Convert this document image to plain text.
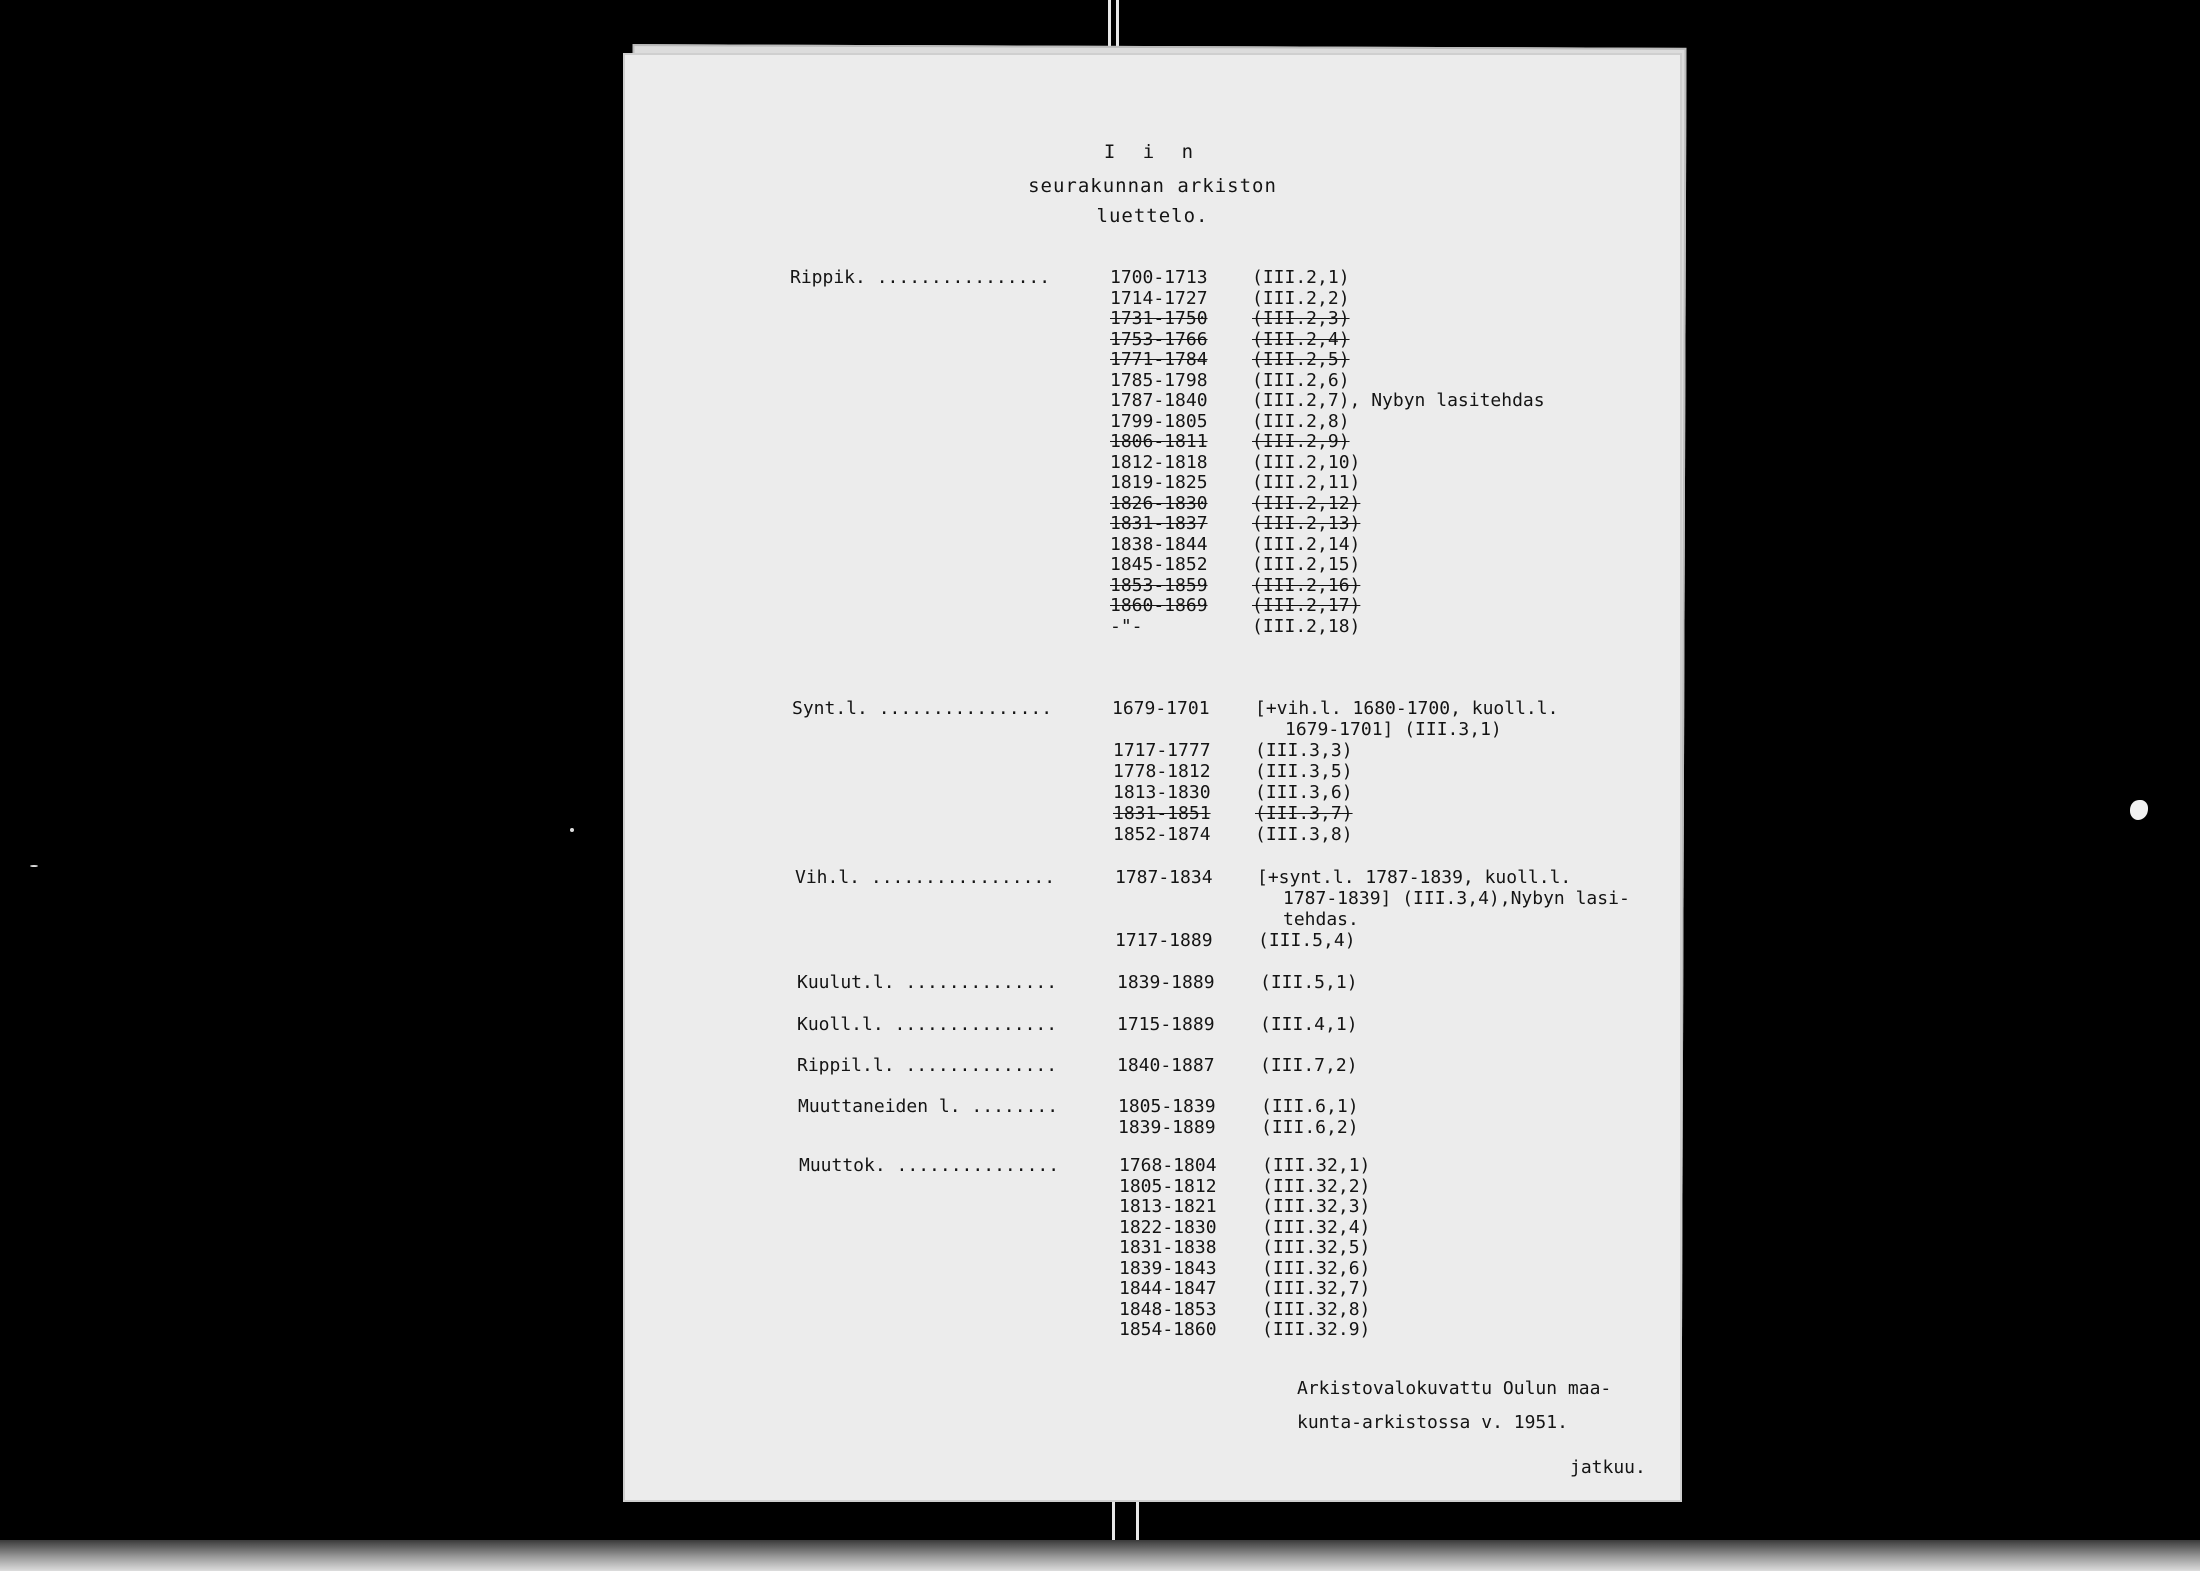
I i n
seurakunnan arkiston
luettelo.
Rippik. ................	1700-1713 (III.2,1)
1714-1727 (III.2,2)
1731-1750 (III.2,3)
1753-1766 (III.2,4)
1771-1784 (III.2,5)
1785-1798 (III.2,6)
1787-1840 (III.2,7), Nybyn lasitehdas
1799-1805 (III.2,8)
1806-1811 (III.2,9)
1812-1818 (III.2,10)
1819-1825 (III.2,11)
1826-1830 (III.2,12)
1831-1837 (III.2,13)
1838-1844 (III.2,14)
1845-1852 (III.2,15)
1853-1859 (III.2,16)
1860-1869 (III.2,17)
-"-	(III.2,18)
Synt.l. ................	1679-1701	[+vih.l. 1680-1700, kuoll.l.
1679-1701] (III.3,1)
1717-1777 (III.3,3)
1778-1812 (III.3,5)
1813-1830 (III.3,6)
1831-1851 (III.3,7)
1852-1874 (III.3,8)
Vih.l. .................	1787-1834 [+synt.l. 1787-1839, kuoll.l.
1787-1839] (III.3,4),Nybyn lasi-
tehdas.
1717-1889	(III.5,4)
Kuulut.l. ..............	1839-1889	(III.5,1)
Kuoll.l. ...............	1715-1889	(III.4,1)
Rippil.l. ..............	1840-1887	(III.7,2)
Muuttaneiden l. ........	1805-1839	(III.6,1)
1839-1889	(III.6,2)
Muuttok. ...............	1768-1804	(III.32,1)
1805-1812	(III.32,2)
1813-1821	(III.32,3)
1822-1830	(III.32,4)
1831-1838	(III.32,5)
1839-1843	(III.32,6)
1844-1847	(III.32,7)
1848-1853	(III.32,8)
1854-1860	(III.32.9)
Arkistovalokuvattu Oulun maa-
kunta-arkistossa v. 1951.
jatkuu.
